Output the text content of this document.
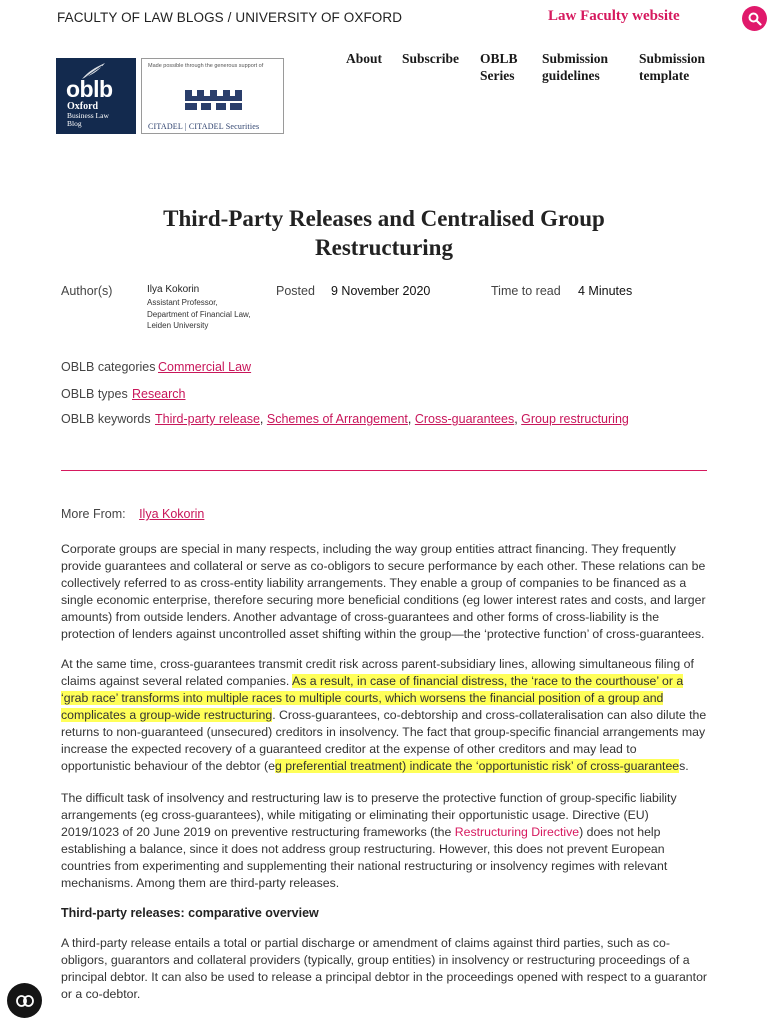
FACULTY OF LAW BLOGS / UNIVERSITY OF OXFORD	Law Faculty website
oblb
Oxford
Business Law
Blog
Made possible through the generous support of
CITADEL | CITADEL Securities
About Subscribe OBLB
Series
Submission
guidelines
Submission
template
Third-Party Releases and Centralised Group
Restructuring
Author(s)	Ilya Kokorin
Assistant Professor,
Department of Financial Law,
Leiden University
Posted 9 November 2020	Time to read 4 Minutes
OBLB categories Commercial Law
OBLB types Research
OBLB keywords Third-party release, Schemes of Arrangement, Cross-guarantees, Group restructuring
More From: Ilya Kokorin

Corporate groups are special in many respects, including the way group entities attract financing. They frequently provide guarantees and collateral or serve as co-obligors to secure performance by each other. These relations can be collectively referred to as cross-entity liability arrangements. They enable a group of companies to be financed as a single economic enterprise, therefore securing more beneficial conditions (eg lower interest rates and costs, and larger amounts) from outside lenders. Another advantage of cross-guarantees and other forms of cross-liability is the protection of lenders against uncontrolled asset shifting within the group—the ‘protective function’ of cross-guarantees.

At the same time, cross-guarantees transmit credit risk across parent-subsidiary lines, allowing simultaneous filing of claims against several related companies. As a result, in case of financial distress, the ‘race to the courthouse’ or a ‘grab race’ transforms into multiple races to multiple courts, which worsens the financial position of a group and complicates a group-wide restructuring. Cross-guarantees, co-debtorship and cross-collateralisation can also dilute the returns to non-guaranteed (unsecured) creditors in insolvency. The fact that group-specific financial arrangements may increase the expected recovery of a guaranteed creditor at the expense of other creditors and may lead to opportunistic behaviour of the debtor (eg preferential treatment) indicate the ‘opportunistic risk’ of cross-guarantees.

The difficult task of insolvency and restructuring law is to preserve the protective function of group-specific liability arrangements (eg cross-guarantees), while mitigating or eliminating their opportunistic usage. Directive (EU) 2019/1023 of 20 June 2019 on preventive restructuring frameworks (the Restructuring Directive) does not help establishing a balance, since it does not address group restructuring. However, this does not prevent European countries from experimenting and supplementing their national restructuring or insolvency regimes with relevant mechanisms. Among them are third-party releases.

Third-party releases: comparative overview

A third-party release entails a total or partial discharge or amendment of claims against third parties, such as co-obligors, guarantors and collateral providers (typically, group entities) in insolvency or restructuring proceedings of a principal debtor. It can also be used to release a principal debtor in the proceedings opened with respect to a guarantor or a co-debtor.
